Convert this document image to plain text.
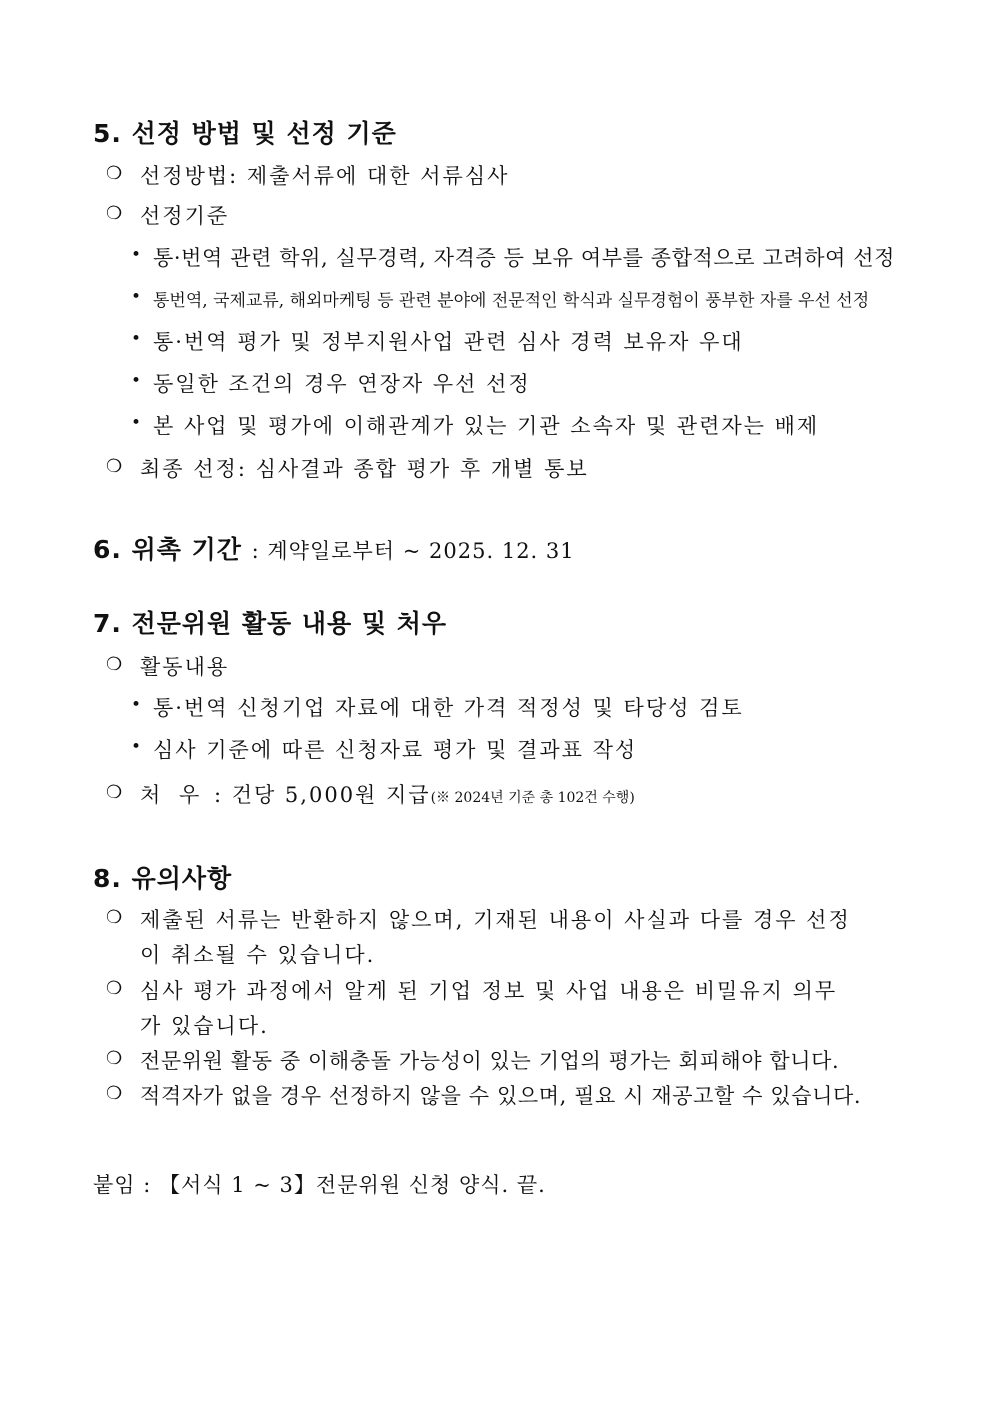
5. 선정 방법 및 선정 기준
❍ 선정방법: 제출서류에 대한 서류심사
❍ 선정기준
• 통·번역 관련 학위, 실무경력, 자격증 등 보유 여부를 종합적으로 고려하여 선정
• 통번역, 국제교류, 해외마케팅 등 관련 분야에 전문적인 학식과 실무경험이 풍부한 자를 우선 선정
• 통·번역 평가 및 정부지원사업 관련 심사 경력 보유자 우대
• 동일한 조건의 경우 연장자 우선 선정
• 본 사업 및 평가에 이해관계가 있는 기관 소속자 및 관련자는 배제
❍ 최종 선정: 심사결과 종합 평가 후 개별 통보
6. 위촉 기간 : 계약일로부터 ~ 2025. 12. 31
7. 전문위원 활동 내용 및 처우
❍ 활동내용
• 통·번역 신청기업 자료에 대한 가격 적정성 및 타당성 검토
• 심사 기준에 따른 신청자료 평가 및 결과표 작성
❍ 처 우 : 건당 5,000원 지급(※ 2024년 기준 총 102건 수행)
8. 유의사항
❍ 제출된 서류는 반환하지 않으며, 기재된 내용이 사실과 다를 경우 선정
이 취소될 수 있습니다.
❍ 심사 평가 과정에서 알게 된 기업 정보 및 사업 내용은 비밀유지 의무
가 있습니다.
❍ 전문위원 활동 중 이해충돌 가능성이 있는 기업의 평가는 회피해야 합니다.
❍ 적격자가 없을 경우 선정하지 않을 수 있으며, 필요 시 재공고할 수 있습니다.
붙임 : 【서식 1 ~ 3】전문위원 신청 양식. 끝.
